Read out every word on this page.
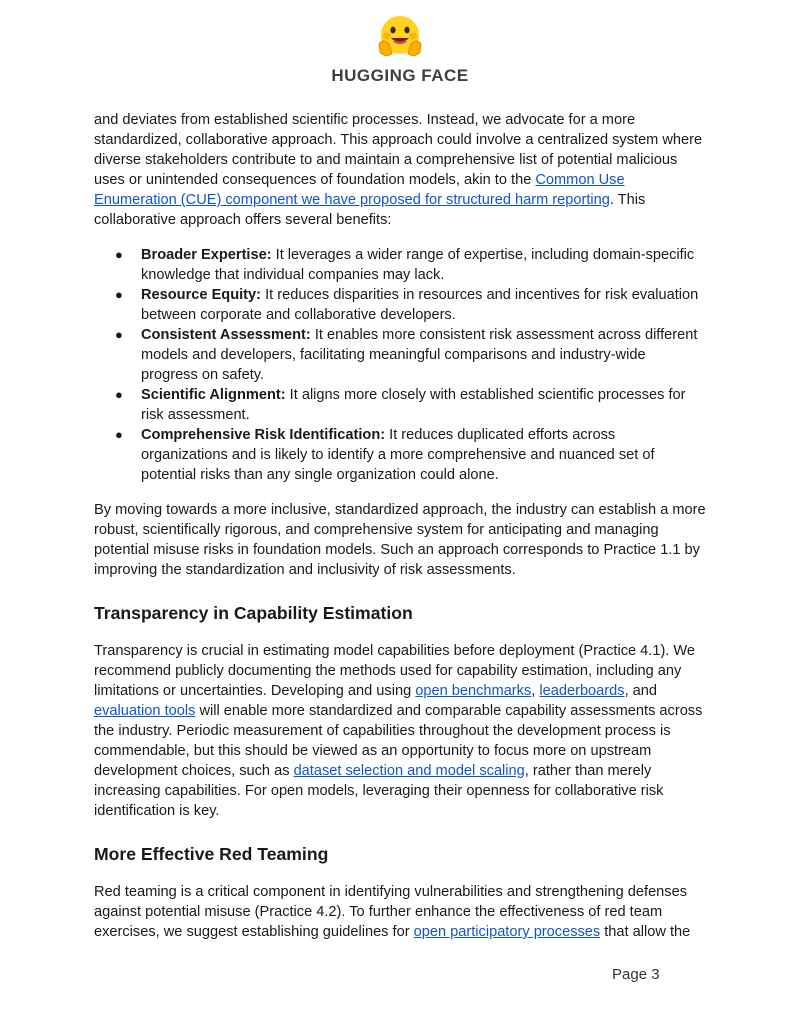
HUGGING FACE

and deviates from established scientific processes. Instead, we advocate for a more standardized, collaborative approach. This approach could involve a centralized system where diverse stakeholders contribute to and maintain a comprehensive list of potential malicious uses or unintended consequences of foundation models, akin to the Common Use Enumeration (CUE) component we have proposed for structured harm reporting. This collaborative approach offers several benefits:

● Broader Expertise: It leverages a wider range of expertise, including domain-specific knowledge that individual companies may lack.
● Resource Equity: It reduces disparities in resources and incentives for risk evaluation between corporate and collaborative developers.
● Consistent Assessment: It enables more consistent risk assessment across different models and developers, facilitating meaningful comparisons and industry-wide progress on safety.
● Scientific Alignment: It aligns more closely with established scientific processes for risk assessment.
● Comprehensive Risk Identification: It reduces duplicated efforts across organizations and is likely to identify a more comprehensive and nuanced set of potential risks than any single organization could alone.

By moving towards a more inclusive, standardized approach, the industry can establish a more robust, scientifically rigorous, and comprehensive system for anticipating and managing potential misuse risks in foundation models. Such an approach corresponds to Practice 1.1 by improving the standardization and inclusivity of risk assessments.

Transparency in Capability Estimation

Transparency is crucial in estimating model capabilities before deployment (Practice 4.1). We recommend publicly documenting the methods used for capability estimation, including any limitations or uncertainties. Developing and using open benchmarks, leaderboards, and evaluation tools will enable more standardized and comparable capability assessments across the industry. Periodic measurement of capabilities throughout the development process is commendable, but this should be viewed as an opportunity to focus more on upstream development choices, such as dataset selection and model scaling, rather than merely increasing capabilities. For open models, leveraging their openness for collaborative risk identification is key.

More Effective Red Teaming

Red teaming is a critical component in identifying vulnerabilities and strengthening defenses against potential misuse (Practice 4.2). To further enhance the effectiveness of red team exercises, we suggest establishing guidelines for open participatory processes that allow the

Page 3
